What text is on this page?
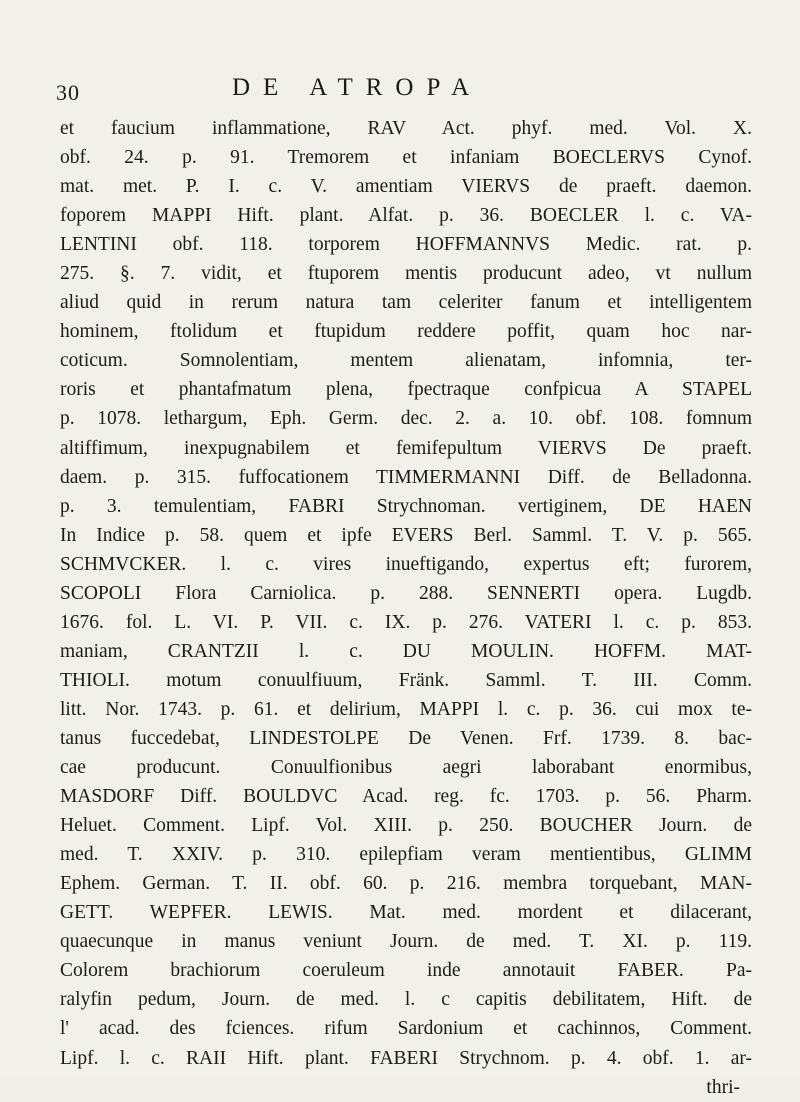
30	DE ATROPA
et faucium inflammatione, RAV Act. phyf. med. Vol. X.
obf. 24. p. 91. Tremorem et infaniam BOECLERVS Cynof.
mat. met. P. I. c. V. amentiam VIERVS de praeft. daemon.
foporem MAPPI Hift. plant. Alfat. p. 36. BOECLER l. c. VA-
LENTINI obf. 118. torporem HOFFMANNVS Medic. rat. p.
275. §. 7. vidit, et ftuporem mentis producunt adeo, vt nullum
aliud quid in rerum natura tam celeriter fanum et intelligentem
hominem, ftolidum et ftupidum reddere poffit, quam hoc nar-
coticum. Somnolentiam, mentem alienatam, infomnia, ter-
roris et phantafmatum plena, fpectraque confpicua A STAPEL
p. 1078. lethargum, Eph. Germ. dec. 2. a. 10. obf. 108. fomnum
altiffimum, inexpugnabilem et femifepultum VIERVS De praeft.
daem. p. 315. fuffocationem TIMMERMANNI Diff. de Belladonna.
p. 3. temulentiam, FABRI Strychnoman. vertiginem, DE HAEN
In Indice p. 58. quem et ipfe EVERS Berl. Samml. T. V. p. 565.
SCHMVCKER. l. c. vires inueftigando, expertus eft; furorem,
SCOPOLI Flora Carniolica. p. 288. SENNERTI opera. Lugdb.
1676. fol. L. VI. P. VII. c. IX. p. 276. VATERI l. c. p. 853.
maniam, CRANTZII l. c. DU MOULIN. HOFFM. MAT-
THIOLI. motum conuulfiuum, Fränk. Samml. T. III. Comm.
litt. Nor. 1743. p. 61. et delirium, MAPPI l. c. p. 36. cui mox te-
tanus fuccedebat, LINDESTOLPE De Venen. Frf. 1739. 8. bac-
cae producunt. Conuulfionibus aegri laborabant enormibus,
MASDORF Diff. BOULDVC Acad. reg. fc. 1703. p. 56. Pharm.
Heluet. Comment. Lipf. Vol. XIII. p. 250. BOUCHER Journ. de
med. T. XXIV. p. 310. epilepfiam veram mentientibus, GLIMM
Ephem. German. T. II. obf. 60. p. 216. membra torquebant, MAN-
GETT. WEPFER. LEWIS. Mat. med. mordent et dilacerant,
quaecunque in manus veniunt Journ. de med. T. XI. p. 119.
Colorem brachiorum coeruleum inde annotauit FABER. Pa-
ralyfin pedum, Journ. de med. l. c capitis debilitatem, Hift. de
l' acad. des fciences. rifum Sardonium et cachinnos, Comment.
Lipf. l. c. RAII Hift. plant. FABERI Strychnom. p. 4. obf. 1. ar-
thri-
